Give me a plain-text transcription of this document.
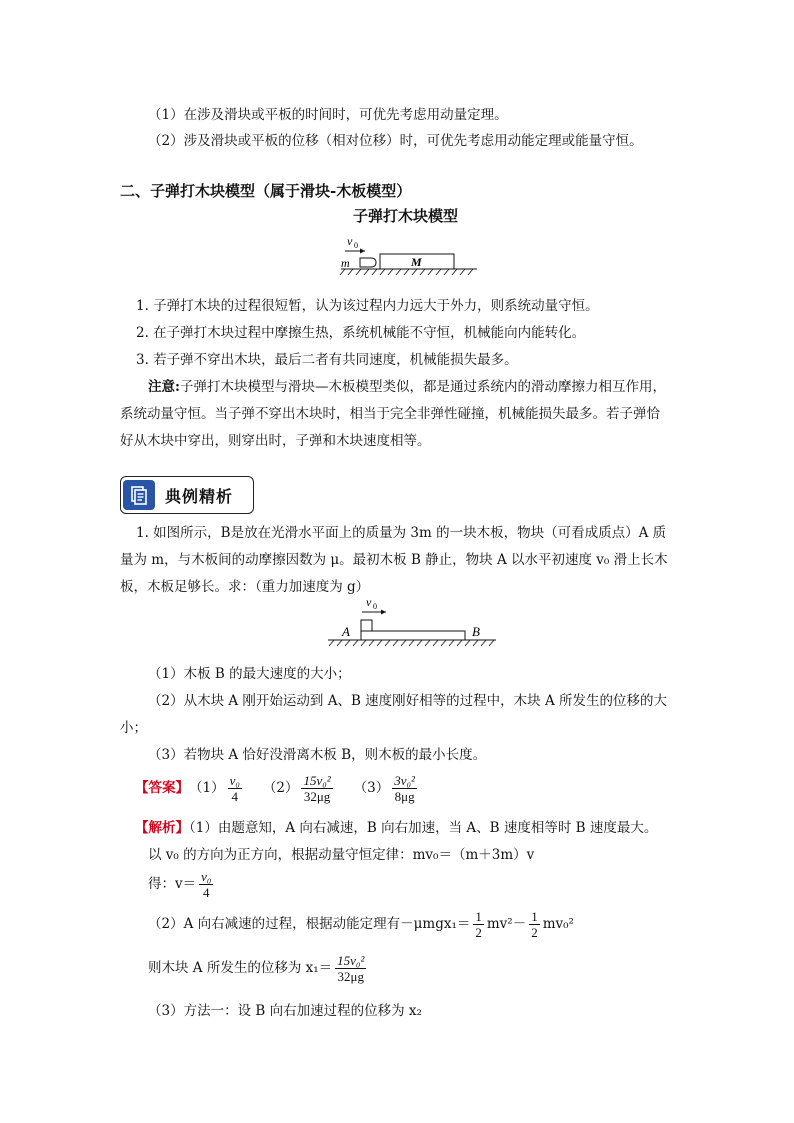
（1）在涉及滑块或平板的时间时，可优先考虑用动量定理。
（2）涉及滑块或平板的位移（相对位移）时，可优先考虑用动能定理或能量守恒。
二、子弹打木块模型（属于滑块-木板模型）
子弹打木块模型
v 0
m	M
1. 子弹打木块的过程很短暂，认为该过程内力远大于外力，则系统动量守恒。
2. 在子弹打木块过程中摩擦生热，系统机械能不守恒，机械能向内能转化。
3. 若子弹不穿出木块，最后二者有共同速度，机械能损失最多。
注意:子弹打木块模型与滑块—木板模型类似，都是通过系统内的滑动摩擦力相互作用，
系统动量守恒。当子弹不穿出木块时，相当于完全非弹性碰撞，机械能损失最多。若子弹恰
好从木块中穿出，则穿出时，子弹和木块速度相等。
典例精析
1. 如图所示，B是放在光滑水平面上的质量为 3m 的一块木板，物块（可看成质点）A 质
量为 m，与木板间的动摩擦因数为 μ。最初木板 B 静止，物块 A 以水平初速度 v₀ 滑上长木
板，木板足够长。求：（重力加速度为 g）
v 0
A	B
（1）木板 B 的最大速度的大小；
（2）从木块 A 刚开始运动到 A、B 速度刚好相等的过程中，木块 A 所发生的位移的大
小；
（3）若物块 A 恰好没滑离木板 B，则木板的最小长度。
【答案】 $(1) \frac{\text{v₀}}{4} (2) \frac{\text{15v₀²}}{32\mu g} (3) \frac{\text{3v₀²}}{8\mu g}$
【解析】（1）由题意知，A 向右减速，B 向右加速，当 A、B 速度相等时 B 速度最大。
以 v₀ 的方向为正方向，根据动量守恒定律：mv₀＝（m＋3m）v
得：$v= \frac{\text{v₀}}{4}$
（2）A 向右减速的过程，根据动能定理有$-\mu mgx_1= \frac{1}{2} mv^2- \frac{1}{2} mv_0^2$
则木块 A 所发生的位移为 $x_1= \frac{\text{15v₀²}}{32\mu g}$
（3）方法一：设 B 向右加速过程的位移为 x₂
